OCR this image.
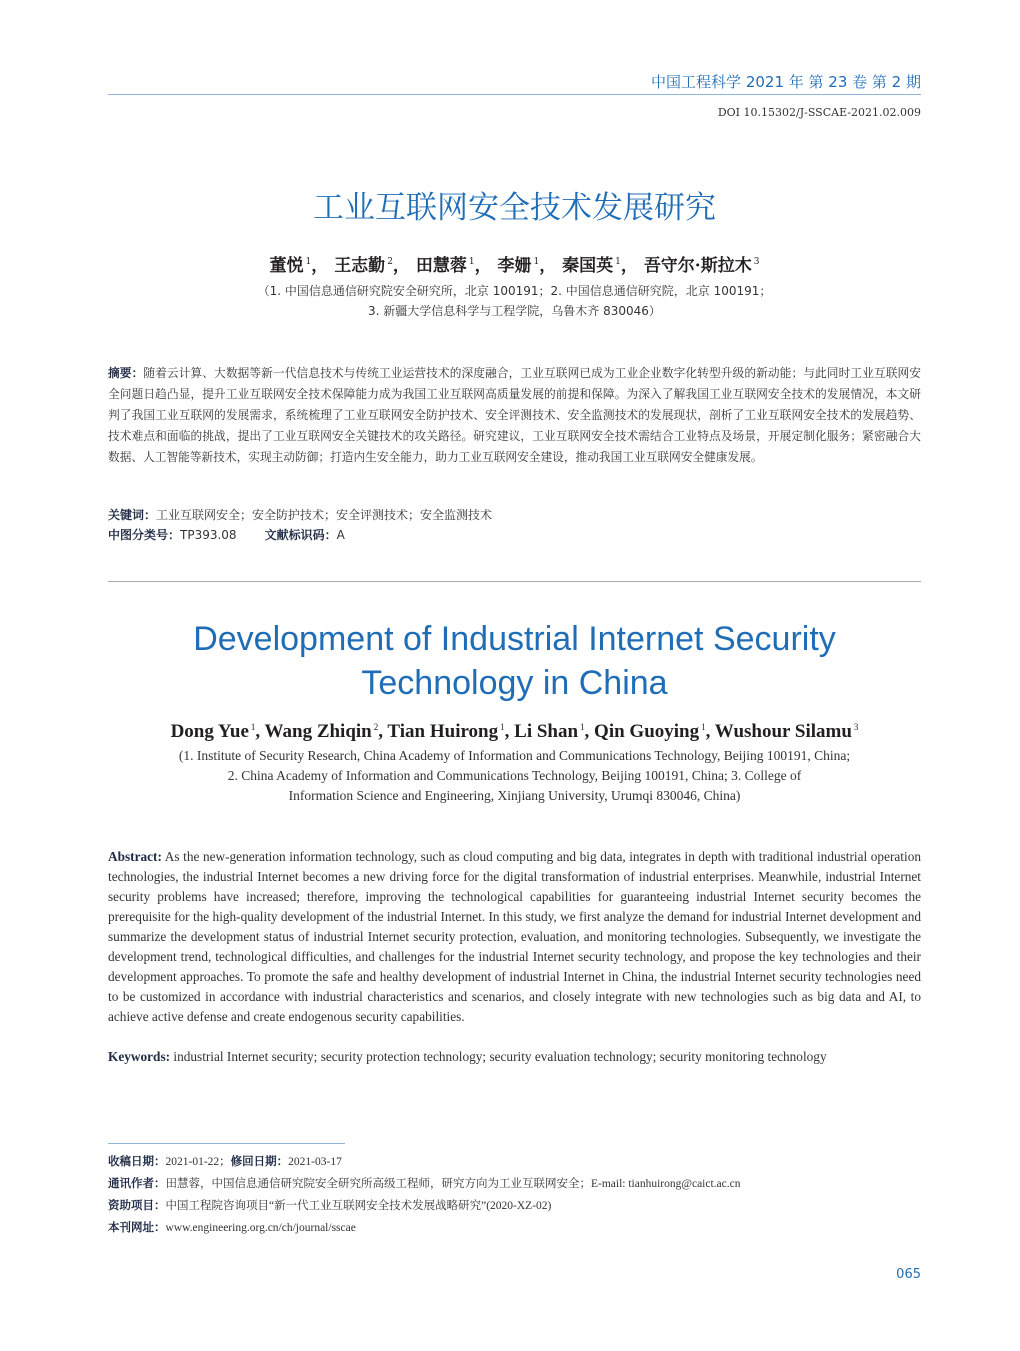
中国工程科学 2021 年 第 23 卷 第 2 期
DOI 10.15302/J-SSCAE-2021.02.009
工业互联网安全技术发展研究
董悦 $^1$， 王志勤 $^2$， 田慧蓉 $^1$， 李姗 $^1$， 秦国英 $^1$， 吾守尔·斯拉木 $^3$
（1. 中国信息通信研究院安全研究所，北京 100191；2. 中国信息通信研究院，北京 100191；
3. 新疆大学信息科学与工程学院，乌鲁木齐 830046）
摘要：随着云计算、大数据等新一代信息技术与传统工业运营技术的深度融合，工业互联网已成为工业企业数字化转型升级的新动能；与此同时工业互联网安全问题日趋凸显，提升工业互联网安全技术保障能力成为我国工业互联网高质量发展的前提和保障。为深入了解我国工业互联网安全技术的发展情况，本文研判了我国工业互联网的发展需求，系统梳理了工业互联网安全防护技术、安全评测技术、安全监测技术的发展现状，剖析了工业互联网安全技术的发展趋势、技术难点和面临的挑战，提出了工业互联网安全关键技术的攻关路径。研究建议，工业互联网安全技术需结合工业特点及场景，开展定制化服务；紧密融合大数据、人工智能等新技术，实现主动防御；打造内生安全能力，助力工业互联网安全建设，推动我国工业互联网安全健康发展。
关键词：工业互联网安全；安全防护技术；安全评测技术；安全监测技术
中图分类号：TP393.08 文献标识码：A
Development of Industrial Internet Security
Technology in China
Dong Yue $^1$, Wang Zhiqin $^2$, Tian Huirong $^1$, Li Shan $^1$, Qin Guoying $^1$, Wushour Silamu $^3$
(1. Institute of Security Research, China Academy of Information and Communications Technology, Beijing 100191, China;
2. China Academy of Information and Communications Technology, Beijing 100191, China; 3. College of
Information Science and Engineering, Xinjiang University, Urumqi 830046, China)
Abstract: As the new-generation information technology, such as cloud computing and big data, integrates in depth with traditional industrial operation technologies, the industrial Internet becomes a new driving force for the digital transformation of industrial enterprises. Meanwhile, industrial Internet security problems have increased; therefore, improving the technological capabilities for guaranteeing industrial Internet security becomes the prerequisite for the high-quality development of the industrial Internet. In this study, we first analyze the demand for industrial Internet development and summarize the development status of industrial Internet security protection, evaluation, and monitoring technologies. Subsequently, we investigate the development trend, technological difficulties, and challenges for the industrial Internet security technology, and propose the key technologies and their development approaches. To promote the safe and healthy development of industrial Internet in China, the industrial Internet security technologies need to be customized in accordance with industrial characteristics and scenarios, and closely integrate with new technologies such as big data and AI, to achieve active defense and create endogenous security capabilities.
Keywords: industrial Internet security; security protection technology; security evaluation technology; security monitoring technology
收稿日期：2021-01-22；修回日期：2021-03-17
通讯作者：田慧蓉，中国信息通信研究院安全研究所高级工程师，研究方向为工业互联网安全；E-mail: tianhuirong@caict.ac.cn
资助项目：中国工程院咨询项目“新一代工业互联网安全技术发展战略研究”(2020-XZ-02)
本刊网址：www.engineering.org.cn/ch/journal/sscae
065
